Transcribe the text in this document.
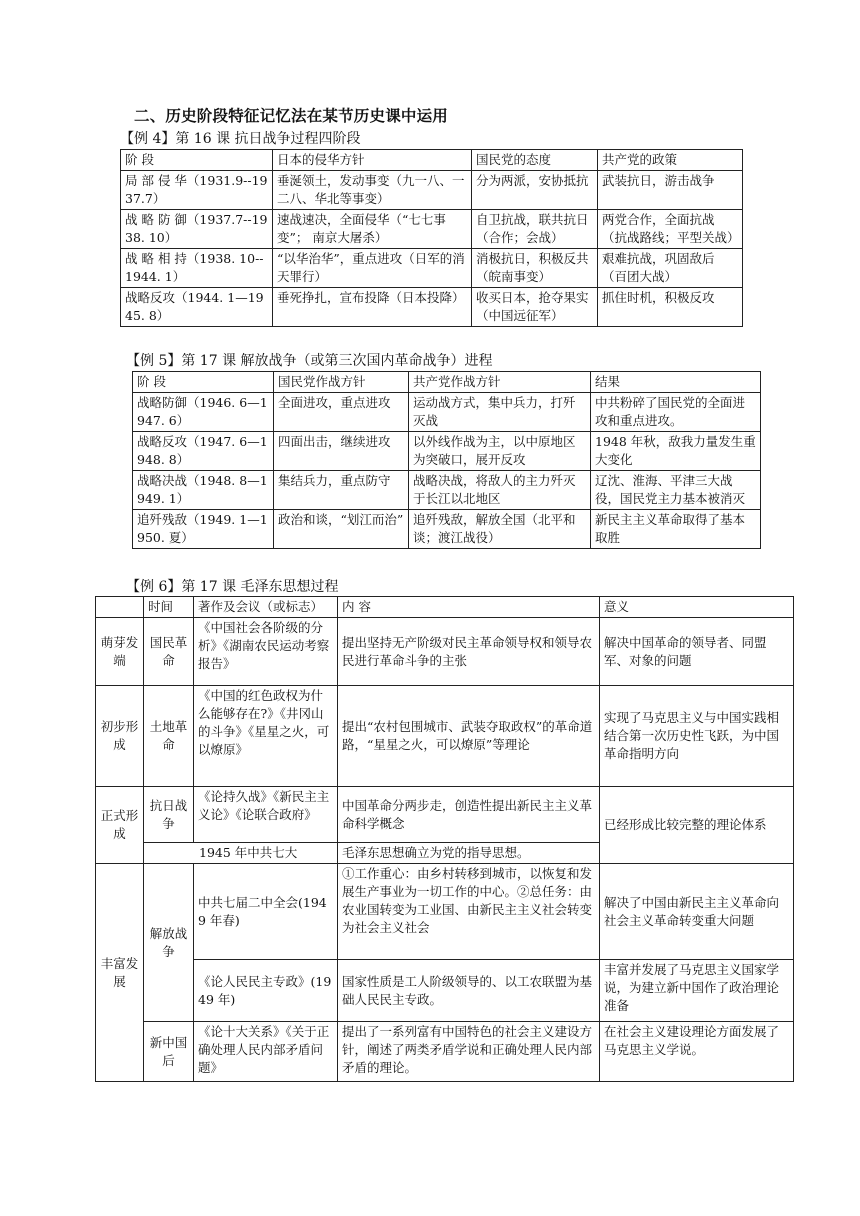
二、历史阶段特征记忆法在某节历史课中运用
【例 4】第 16 课 抗日战争过程四阶段
阶 段	日本的侵华方针	国民党的态度	共产党的政策
局 部 侵 华（1931.9--1937.7）	垂涎领土，发动事变（九一八、一二八、华北等事变）	分为两派，安协抵抗	武装抗日，游击战争
战 略 防 御（1937.7--1938. 10）	速战速决，全面侵华（“七七事变”； 南京大屠杀）	自卫抗战，联共抗日（合作；会战）	两党合作，全面抗战（抗战路线；平型关战）
战 略 相 持（1938. 10--1944. 1）	“以华治华”，重点进攻（日军的消天罪行）	消极抗日，积极反共（皖南事变）	艰难抗战，巩固敌后（百团大战）
战略反攻（1944. 1—1945. 8）	垂死挣扎，宣布投降（日本投降）	收买日本，抢夺果实（中国远征军）	抓住时机，积极反攻
【例 5】第 17 课 解放战争（或第三次国内革命战争）进程
阶 段	国民党作战方针	共产党作战方针	结果
战略防御（1946. 6—1947. 6）	全面进攻，重点进攻	运动战方式，集中兵力，打歼灭战	中共粉碎了国民党的全面进攻和重点进攻。
战略反攻（1947. 6—1948. 8）	四面出击，继续进攻	以外线作战为主，以中原地区为突破口，展开反攻	1948 年秋，敌我力量发生重大变化
战略决战（1948. 8—1949. 1）	集结兵力，重点防守	战略决战，将敌人的主力歼灭于长江以北地区	辽沈、淮海、平津三大战役，国民党主力基本被消灭
追歼残敌（1949. 1—1950. 夏）	政治和谈，“划江而治”	追歼残敌，解放全国（北平和谈；渡江战役）	新民主主义革命取得了基本取胜
【例 6】第 17 课 毛泽东思想过程
	时间	著作及会议（或标志）	内 容	意义
萌芽发端	国民革命	《中国社会各阶级的分析》《湖南农民运动考察报告》	提出坚持无产阶级对民主革命领导权和领导农民进行革命斗争的主张	解决中国革命的领导者、同盟军、对象的问题
初步形成	土地革命	《中国的红色政权为什么能够存在?》《井冈山的斗争》《星星之火，可以燎原》	提出“农村包围城市、武装夺取政权”的革命道路，“星星之火，可以燎原”等理论	实现了马克思主义与中国实践相结合第一次历史性飞跃，为中国革命指明方向
正式形成	抗日战争	《论持久战》《新民主主义论》《论联合政府》	中国革命分两步走，创造性提出新民主主义革命科学概念	已经形成比较完整的理论体系
	1945 年中共七大		毛泽东思想确立为党的指导思想。	
丰富发展	解放战争	中共七届二中全会(1949 年春)	①工作重心：由乡村转移到城市，以恢复和发展生产事业为一切工作的中心。②总任务：由农业国转变为工业国、由新民主主义社会转变为社会主义社会	解决了中国由新民主主义革命向社会主义革命转变重大问题
		《论人民民主专政》(1949 年)	国家性质是工人阶级领导的、以工农联盟为基础人民民主专政。	丰富并发展了马克思主义国家学说，为建立新中国作了政治理论准备
	新中国后	《论十大关系》《关于正确处理人民内部矛盾问题》	提出了一系列富有中国特色的社会主义建设方针，阐述了两类矛盾学说和正确处理人民内部矛盾的理论。	在社会主义建设理论方面发展了马克思主义学说。
